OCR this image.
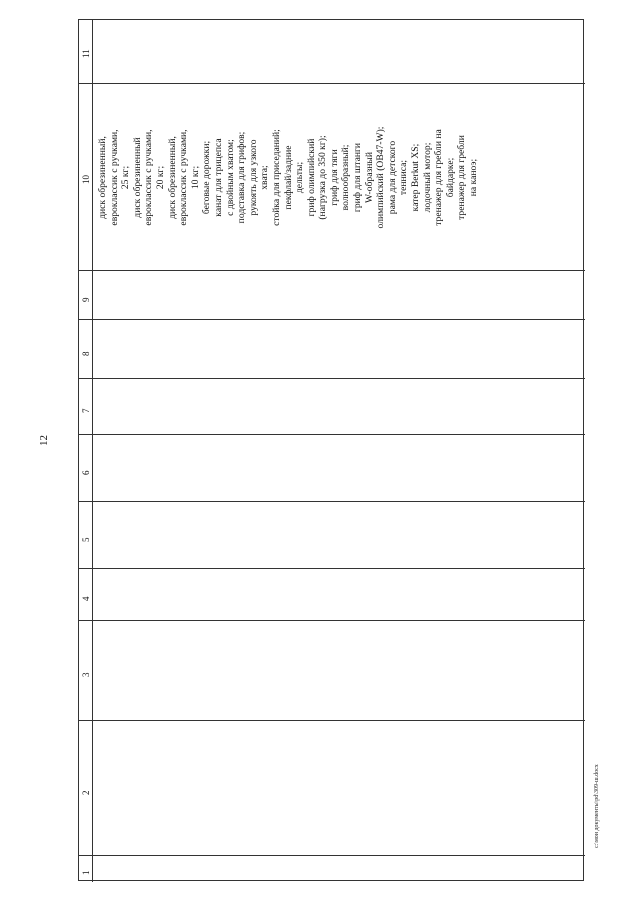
12
11
10 диск обрезиненный, евроклассик с ручками, 25 кг; диск обрезиненный евроклассик с ручками, 20 кг; диск обрезиненный, евроклассик с ручками, 10 кг; беговые дорожки; канат для трицепса с двойным хватом; подставка для грифов; рукоять для узкого хвата; стойка для приседаний; пекфлай/задние дельты; гриф олимпийский (нагрузка до 350 кг); гриф для тяги волнообразный; гриф для штанги W-образный олимпийский (OB47-W); рама для детского тенниса; катер Berkut XS; лодочный мотор; тренажер для гребли на байдарке; тренажер для гребли на каноэ;
9
8
7
6
5
4
3
2
1
c:\мои документы\pd\309-ш.docx
